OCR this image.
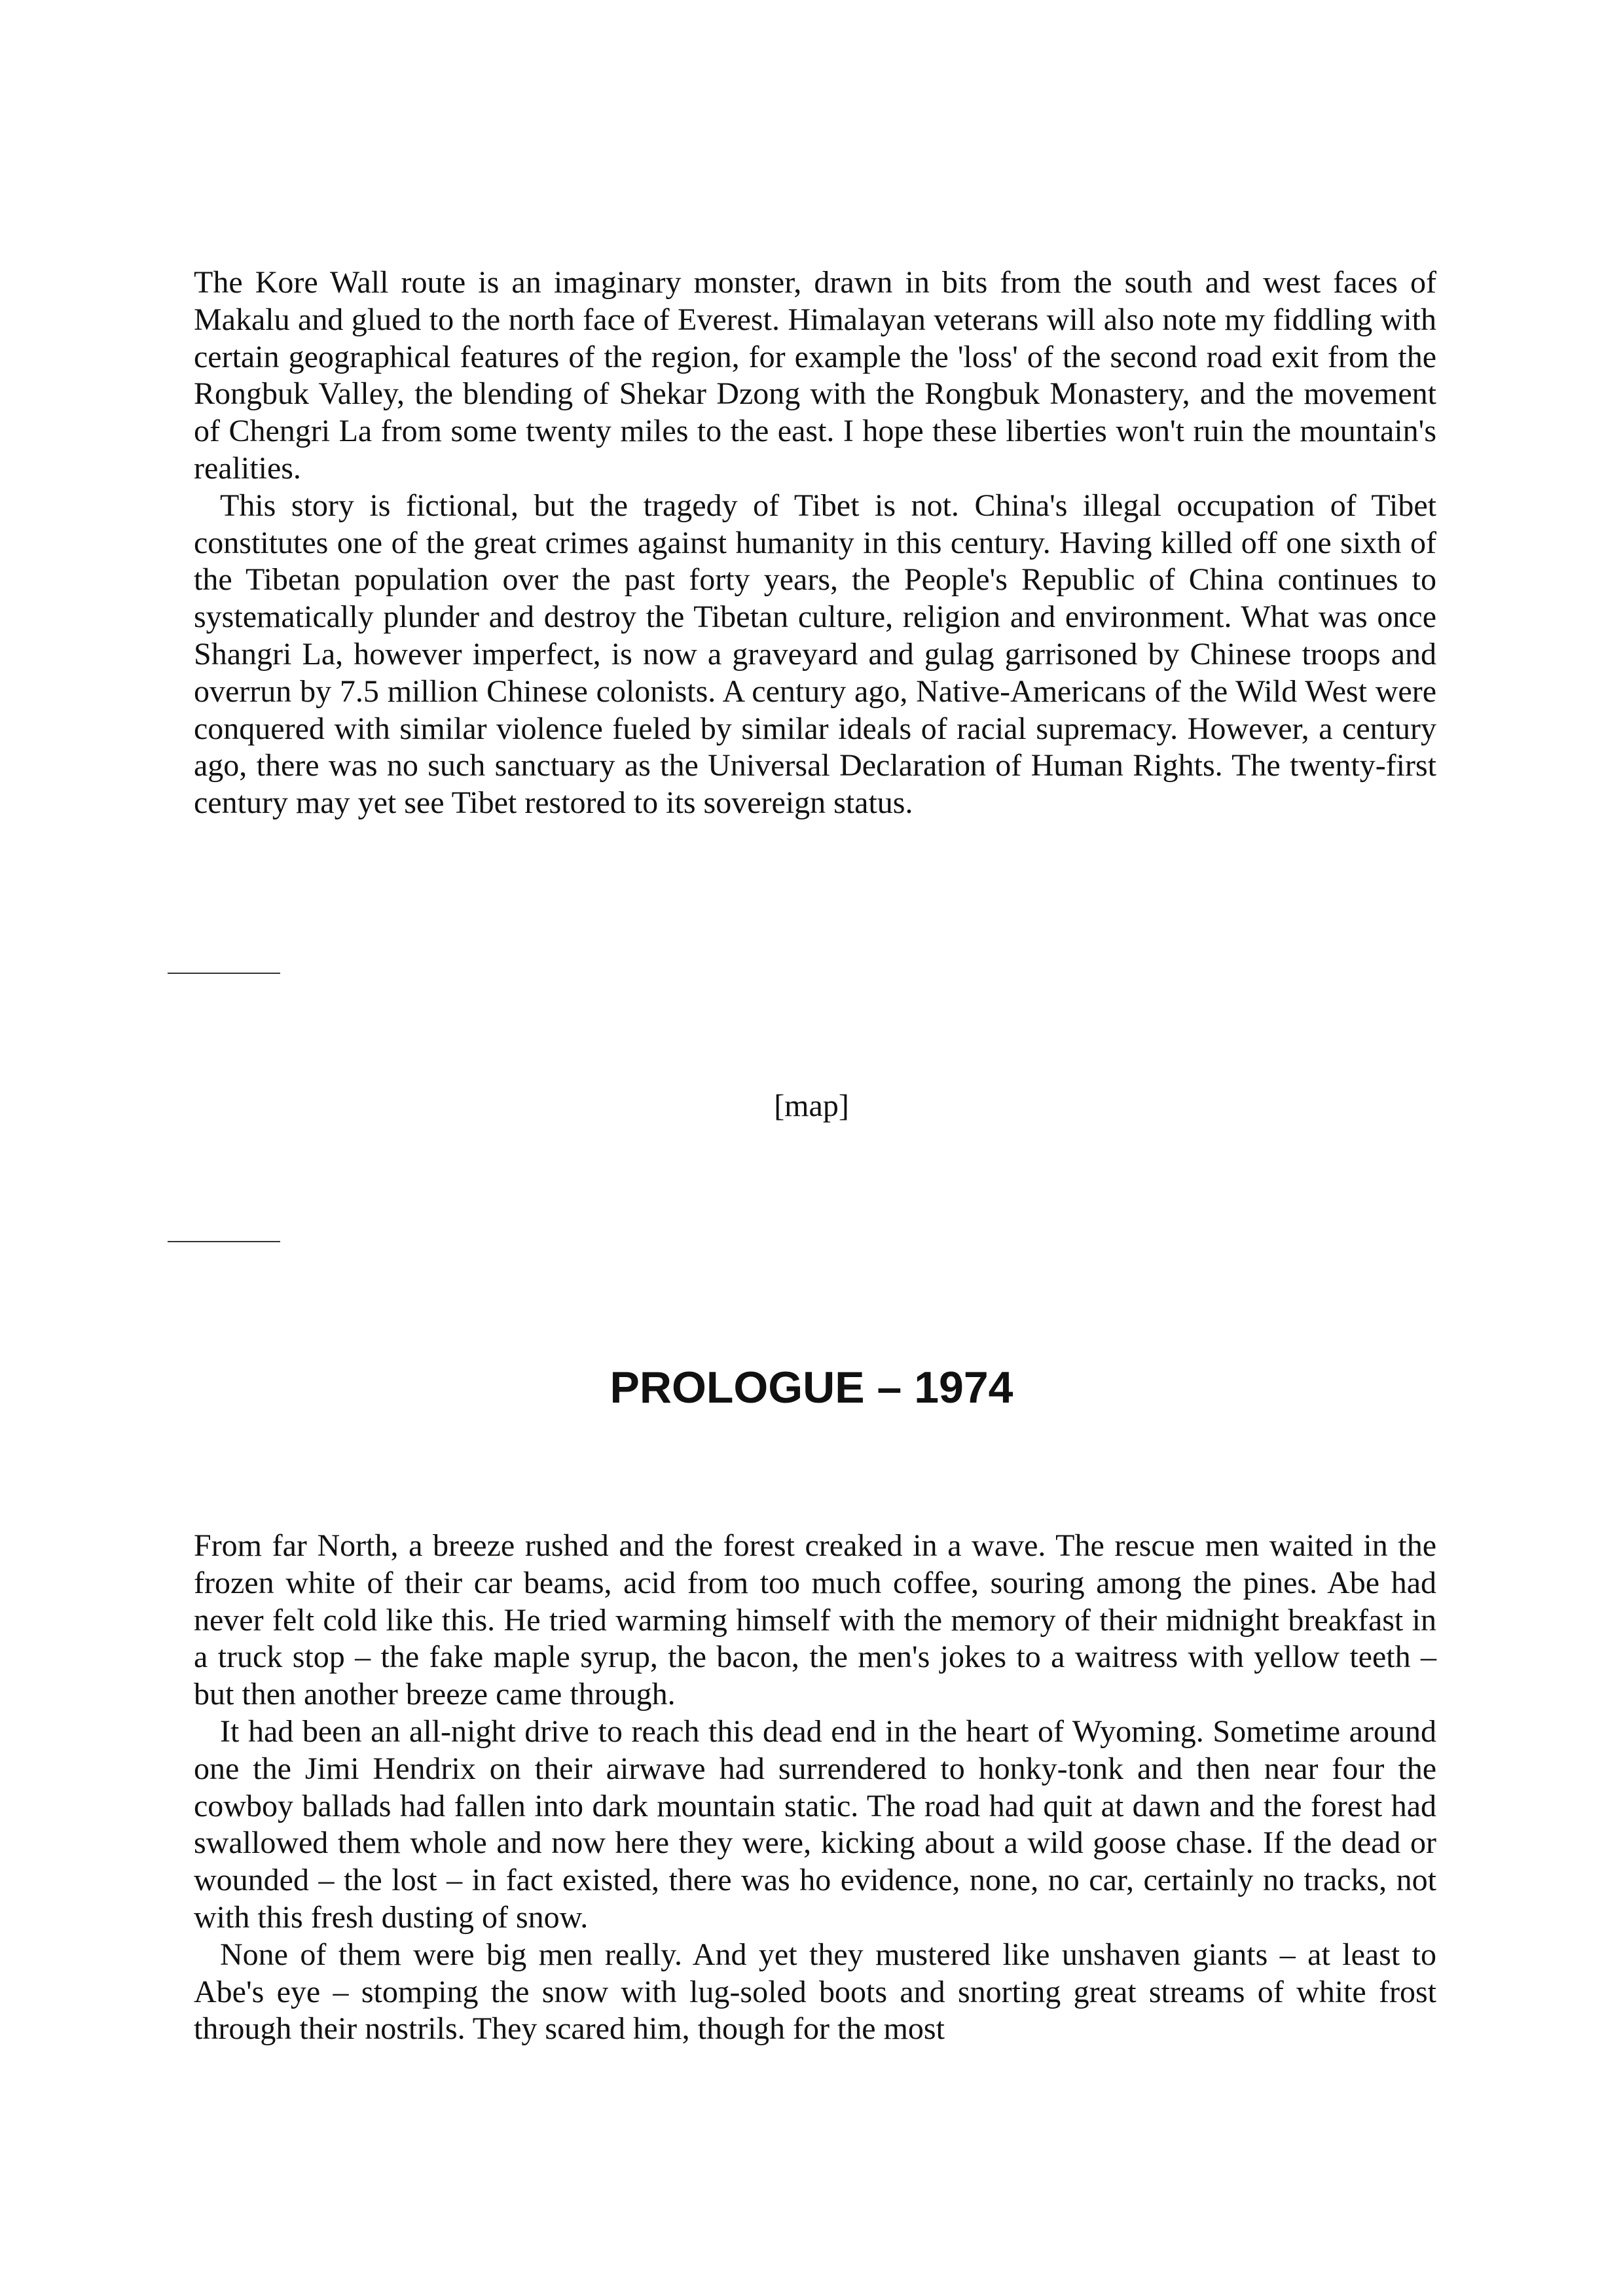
The Kore Wall route is an imaginary monster, drawn in bits from the south and west faces of Makalu and glued to the north face of Everest. Himalayan veterans will also note my fiddling with certain geographical features of the region, for example the 'loss' of the second road exit from the Rongbuk Valley, the blending of Shekar Dzong with the Rongbuk Monastery, and the movement of Chengri La from some twenty miles to the east. I hope these liberties won't ruin the mountain's realities.

This story is fictional, but the tragedy of Tibet is not. China's illegal occupation of Tibet constitutes one of the great crimes against humanity in this century. Having killed off one sixth of the Tibetan population over the past forty years, the People's Republic of China continues to systematically plunder and destroy the Tibetan culture, religion and environment. What was once Shangri La, however imperfect, is now a graveyard and gulag garrisoned by Chinese troops and overrun by 7.5 million Chinese colonists. A century ago, Native-Americans of the Wild West were conquered with similar violence fueled by similar ideals of racial supremacy. However, a century ago, there was no such sanctuary as the Universal Declaration of Human Rights. The twenty-first century may yet see Tibet restored to its sovereign status.

[map]

PROLOGUE – 1974

From far North, a breeze rushed and the forest creaked in a wave. The rescue men waited in the frozen white of their car beams, acid from too much coffee, souring among the pines. Abe had never felt cold like this. He tried warming himself with the memory of their midnight breakfast in a truck stop – the fake maple syrup, the bacon, the men's jokes to a waitress with yellow teeth – but then another breeze came through.

It had been an all-night drive to reach this dead end in the heart of Wyoming. Sometime around one the Jimi Hendrix on their airwave had surrendered to honky-tonk and then near four the cowboy ballads had fallen into dark mountain static. The road had quit at dawn and the forest had swallowed them whole and now here they were, kicking about a wild goose chase. If the dead or wounded – the lost – in fact existed, there was ho evidence, none, no car, certainly no tracks, not with this fresh dusting of snow.

None of them were big men really. And yet they mustered like unshaven giants – at least to Abe's eye – stomping the snow with lug-soled boots and snorting great streams of white frost through their nostrils. They scared him, though for the most
